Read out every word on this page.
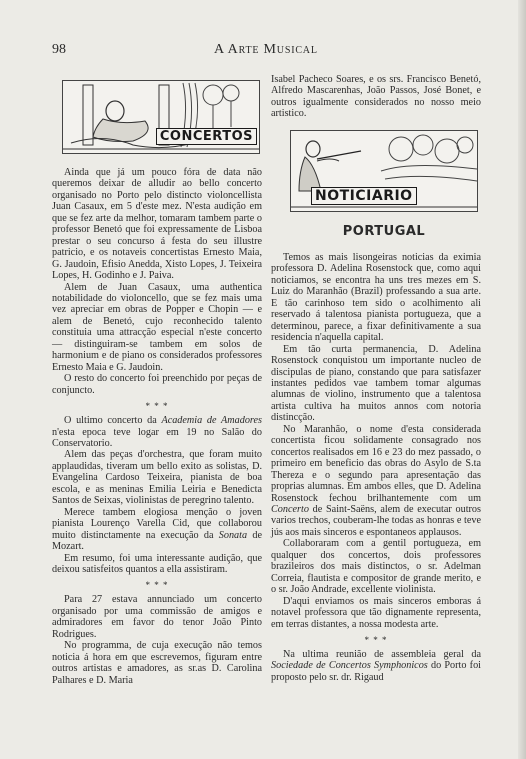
98	A Arte Musical
CONCERTOS

Isabel Pacheco Soares, e os srs. Francisco Benetó, Alfredo Mascarenhas, João Passos, José Bonet, e outros igualmente considerados no nosso meio artistico.

NOTICIARIO
PORTUGAL

Ainda que já um pouco fóra de data não queremos deixar de alludir ao bello concerto organisado no Porto pelo distincto violoncellista Juan Casaux, em 5 d'este mez. N'esta audição em que se fez arte da melhor, tomaram tambem parte o professor Benetó que foi expressamente de Lisboa prestar o seu concurso á festa do seu illustre patricio, e os notaveis concertistas Ernesto Maia, G. Jaudoin, Efisio Anedda, Xisto Lopes, J. Teixeira Lopes, H. Godinho e J. Paiva.

Alem de Juan Casaux, uma authentica notabilidade do violoncello, que se fez mais uma vez apreciar em obras de Popper e Chopin — e alem de Benetó, cujo reconhecido talento constituia uma attracção especial n'este concerto — distinguiram-se tambem em solos de harmonium e de piano os considerados professores Ernesto Maia e G. Jaudoin.

O resto do concerto foi preenchido por peças de conjuncto.

* * *

O ultimo concerto da Academia de Amadores n'esta epoca teve logar em 19 no Salão do Conservatorio.

Alem das peças d'orchestra, que foram muito applaudidas, tiveram um bello exito as solistas, D. Evangelina Cardoso Teixeira, pianista de boa escola, e as meninas Emilia Leiria e Benedicta Santos de Seixas, violinistas de peregrino talento.

Merece tambem elogiosa menção o joven pianista Lourenço Varella Cid, que collaborou muito distinctamente na execução da Sonata de Mozart.

Em resumo, foi uma interessante audição, que deixou satisfeitos quantos a ella assistiram.

* * *

Para 27 estava annunciado um concerto organisado por uma commissão de amigos e admiradores em favor do tenor João Pinto Rodrigues.

No programma, de cuja execução não temos noticia á hora em que escrevemos, figuram entre outros artistas e amadores, as sr.as D. Carolina Palhares e D. Maria

Temos as mais lisongeiras noticias da eximia professora D. Adelina Rosenstock que, como aqui noticiamos, se encontra ha uns tres mezes em S. Luiz do Maranhão (Brazil) professando a sua arte. E tão carinhoso tem sido o acolhimento ali reservado á talentosa pianista portugueza, que a determinou, parece, a fixar definitivamente a sua residencia n'aquella capital.

Em tão curta permanencia, D. Adelina Rosenstock conquistou um importante nucleo de discipulas de piano, constando que para satisfazer instantes pedidos vae tambem tomar algumas alumnas de violino, instrumento que a talentosa artista cultiva ha muitos annos com notoria distincção.

No Maranhão, o nome d'esta considerada concertista ficou solidamente consagrado nos concertos realisados em 16 e 23 do mez passado, o primeiro em beneficio das obras do Asylo de S.ta Thereza e o segundo para apresentação das proprias alumnas. Em ambos elles, que D. Adelina Rosenstock fechou brilhantemente com um Concerto de Saint-Saëns, alem de executar outros varios trechos, couberam-lhe todas as honras e teve jús aos mais sinceros e espontaneos applausos.

Collaboraram com a gentil portugueza, em qualquer dos concertos, dois professores brazileiros dos mais distinctos, o sr. Adelman Correia, flautista e compositor de grande merito, e o sr. João Andrade, excellente violinista.

D'aqui enviamos os mais sinceros emboras á notavel professora que tão dignamente representa, em terras distantes, a nossa modesta arte.

* * *

Na ultima reunião de assembleia geral da Sociedade de Concertos Symphonicos do Porto foi proposto pelo sr. dr. Rigaud
